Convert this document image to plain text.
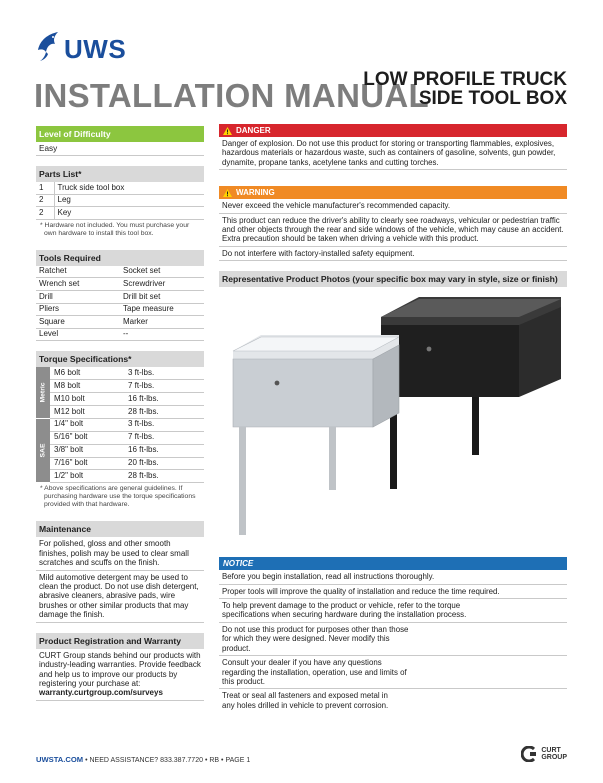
UWS
INSTALLATION MANUAL
LOW PROFILE TRUCK
SIDE TOOL BOX
Level of Difficulty
Easy
Parts List*
1	Truck side tool box
2	Leg
2	Key
* Hardware not included. You must purchase your own hardware to install this tool box.
Tools Required
Ratchet	Socket set
Wrench set	Screwdriver
Drill	Drill bit set
Pliers	Tape measure
Square	Marker
Level	--
Torque Specifications*
Metric
SAE
M6 bolt	3 ft-lbs.
M8 bolt	7 ft-lbs.
M10 bolt	16 ft-lbs.
M12 bolt	28 ft-lbs.
1/4" bolt	3 ft-lbs.
5/16" bolt	7 ft-lbs.
3/8" bolt	16 ft-lbs.
7/16" bolt	20 ft-lbs.
1/2" bolt	28 ft-lbs.
* Above specifications are general guidelines. If purchasing hardware use the torque specifications provided with that hardware.
Maintenance
For polished, gloss and other smooth finishes, polish may be used to clear small scratches and scuffs on the finish.
Mild automotive detergent may be used to clean the product. Do not use dish detergent, abrasive cleaners, abrasive pads, wire brushes or other similar products that may damage the finish.
Product Registration and Warranty
CURT Group stands behind our products with industry-leading warranties. Provide feedback and help us to improve our products by registering your purchase at:
warranty.curtgroup.com/surveys
DANGER
Danger of explosion. Do not use this product for storing or transporting flammables, explosives, hazardous materials or hazardous waste, such as containers of gasoline, solvents, gun powder, dynamite, propane tanks, acetylene tanks and cutting torches.
WARNING
Never exceed the vehicle manufacturer's recommended capacity.
This product can reduce the driver's ability to clearly see roadways, vehicular or pedestrian traffic and other objects through the rear and side windows of the vehicle, which may cause an accident. Extra precaution should be taken when driving a vehicle with this product.
Do not interfere with factory-installed safety equipment.
Representative Product Photos (your specific box may vary in style, size or finish)
NOTICE
Before you begin installation, read all instructions thoroughly.
Proper tools will improve the quality of installation and reduce the time required.
To help prevent damage to the product or vehicle, refer to the torque specifications when securing hardware during the installation process.
Do not use this product for purposes other than those for which they were designed. Never modify this product.
Consult your dealer if you have any questions regarding the installation, operation, use and limits of this product.
Treat or seal all fasteners and exposed metal in any holes drilled in vehicle to prevent corrosion.
UWSTA.COM • NEED ASSISTANCE? 833.387.7720 • RB • PAGE 1
CURT
GROUP
